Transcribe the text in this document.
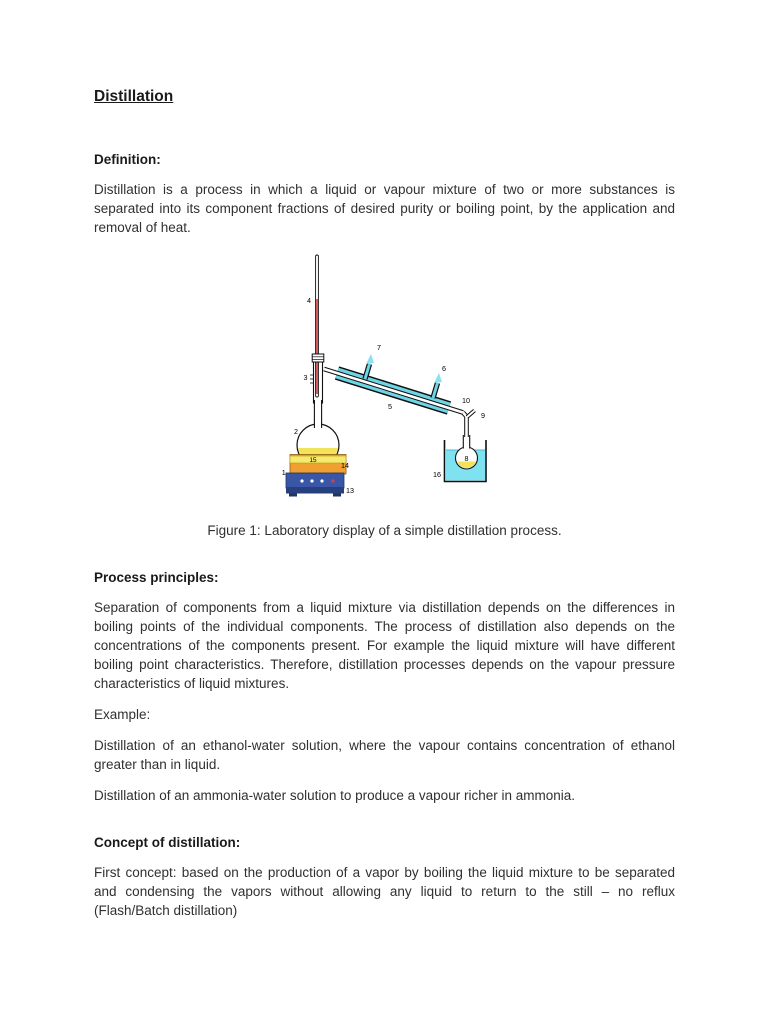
Distillation
Definition:

Distillation is a process in which a liquid or vapour mixture of two or more substances is separated into its component fractions of desired purity or boiling point, by the application and removal of heat.

4
3
2
7
6
5
10
9
8
16
15
14
1
13

Figure 1: Laboratory display of a simple distillation process.

Process principles:

Separation of components from a liquid mixture via distillation depends on the differences in boiling points of the individual components. The process of distillation also depends on the concentrations of the components present. For example the liquid mixture will have different boiling point characteristics. Therefore, distillation processes depends on the vapour pressure characteristics of liquid mixtures.

Example:

Distillation of an ethanol-water solution, where the vapour contains concentration of ethanol greater than in liquid.

Distillation of an ammonia-water solution to produce a vapour richer in ammonia.

Concept of distillation:

First concept: based on the production of a vapor by boiling the liquid mixture to be separated and condensing the vapors without allowing any liquid to return to the still – no reflux (Flash/Batch distillation)
